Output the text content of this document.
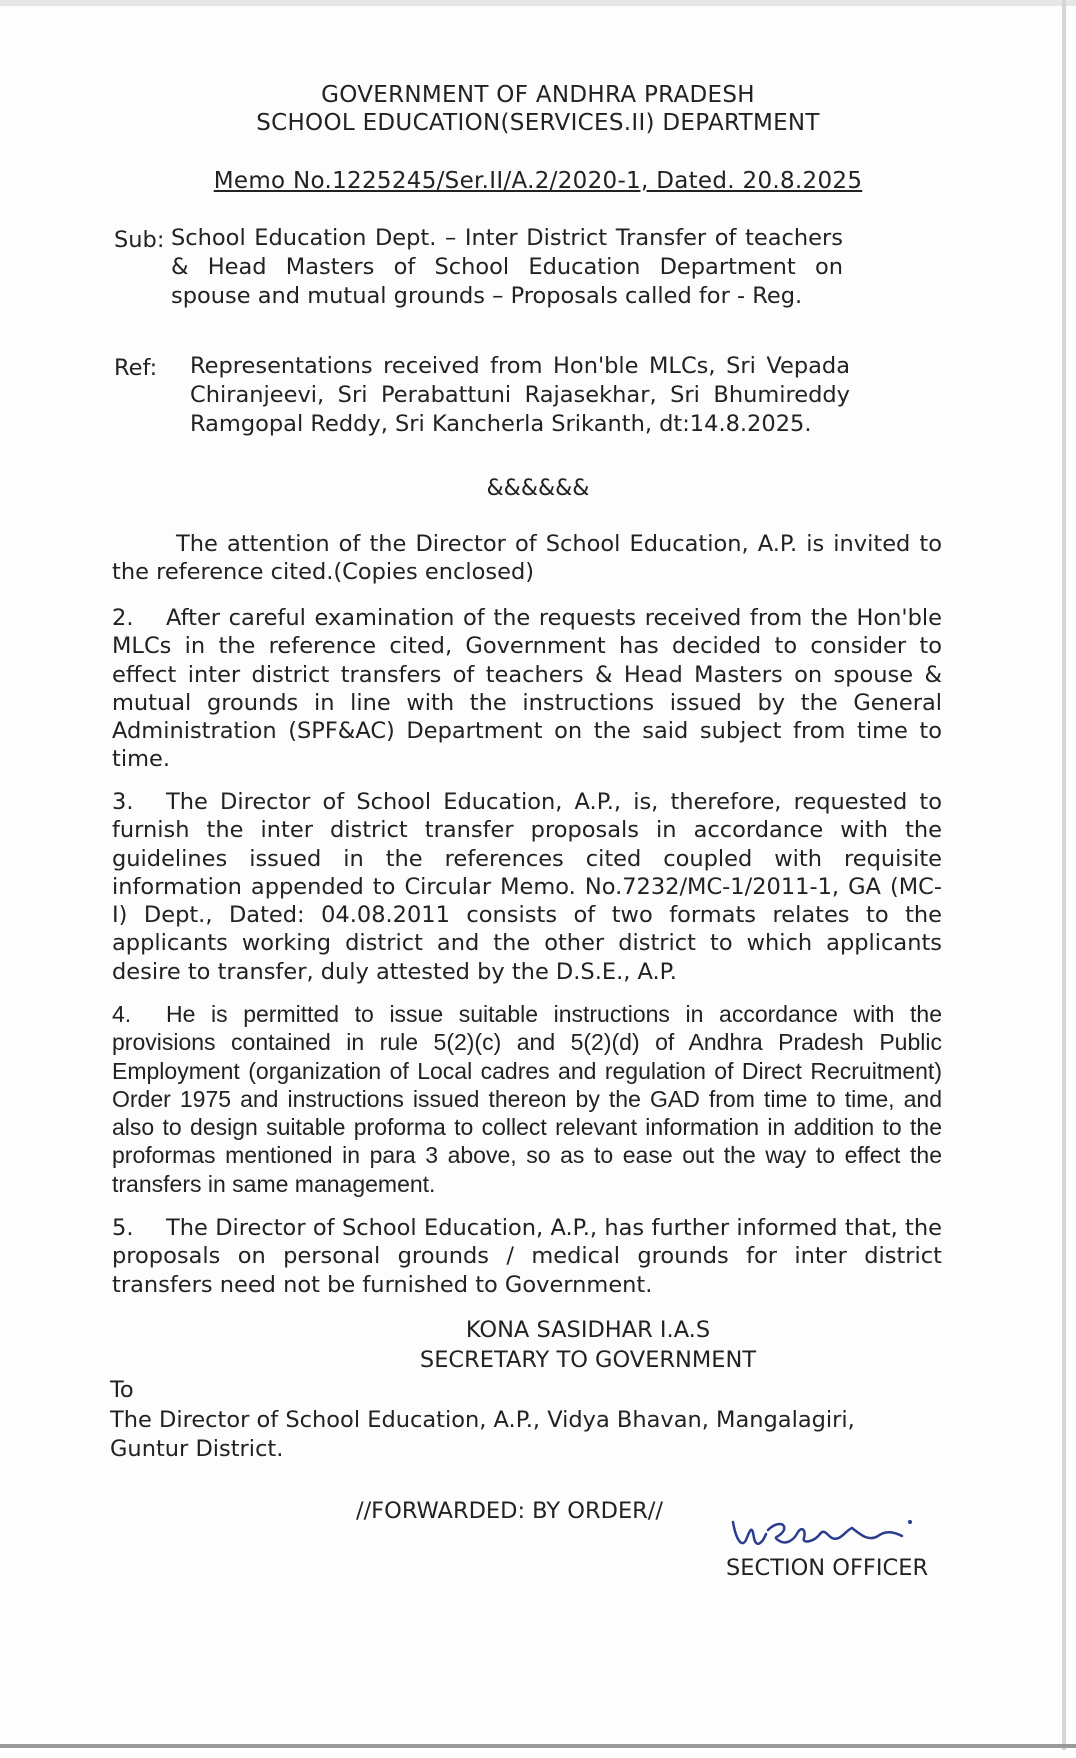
GOVERNMENT OF ANDHRA PRADESH
SCHOOL EDUCATION(SERVICES.II) DEPARTMENT
Memo No.1225245/Ser.II/A.2/2020-1, Dated. 20.8.2025
Sub: School Education Dept. – Inter District Transfer of teachers & Head Masters of School Education Department on spouse and mutual grounds – Proposals called for - Reg.
Ref: Representations received from Hon'ble MLCs, Sri Vepada Chiranjeevi, Sri Perabattuni Rajasekhar, Sri Bhumireddy Ramgopal Reddy, Sri Kancherla Srikanth, dt:14.8.2025.
&&&&&&
The attention of the Director of School Education, A.P. is invited to the reference cited.(Copies enclosed)
2. After careful examination of the requests received from the Hon'ble MLCs in the reference cited, Government has decided to consider to effect inter district transfers of teachers & Head Masters on spouse & mutual grounds in line with the instructions issued by the General Administration (SPF&AC) Department on the said subject from time to time.
3. The Director of School Education, A.P., is, therefore, requested to furnish the inter district transfer proposals in accordance with the guidelines issued in the references cited coupled with requisite information appended to Circular Memo. No.7232/MC-1/2011-1, GA (MC-I) Dept., Dated: 04.08.2011 consists of two formats relates to the applicants working district and the other district to which applicants desire to transfer, duly attested by the D.S.E., A.P.
4. He is permitted to issue suitable instructions in accordance with the provisions contained in rule 5(2)(c) and 5(2)(d) of Andhra Pradesh Public Employment (organization of Local cadres and regulation of Direct Recruitment) Order 1975 and instructions issued thereon by the GAD from time to time, and also to design suitable proforma to collect relevant information in addition to the proformas mentioned in para 3 above, so as to ease out the way to effect the transfers in same management.
5. The Director of School Education, A.P., has further informed that, the proposals on personal grounds / medical grounds for inter district transfers need not be furnished to Government.
KONA SASIDHAR I.A.S
SECRETARY TO GOVERNMENT
To
The Director of School Education, A.P., Vidya Bhavan, Mangalagiri, Guntur District.
//FORWARDED: BY ORDER//
SECTION OFFICER
